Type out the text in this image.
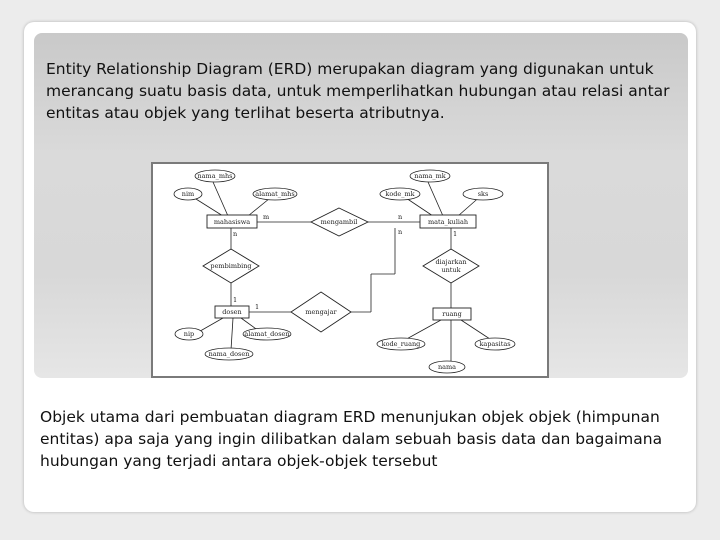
Entity Relationship Diagram (ERD) merupakan diagram yang digunakan untuk merancang suatu basis data, untuk memperlihatkan hubungan atau relasi antar entitas atau objek yang terlihat beserta atributnya.

nama_mhs
nim	alamat_mhs
nama_mk
kode_mk	sks
nip	alamat_dosen
nama_dosen
kode_ruang	kapasitas
nama
mahasiswa	mata_kuliah
dosen	ruang
mengambil
pembimbing	diajarkan
untuk
mengajar
m
n
n
n	1
1
1

Objek utama dari pembuatan diagram ERD menunjukan objek objek (himpunan entitas) apa saja yang ingin dilibatkan dalam sebuah basis data dan bagaimana hubungan yang terjadi antara objek-objek tersebut
